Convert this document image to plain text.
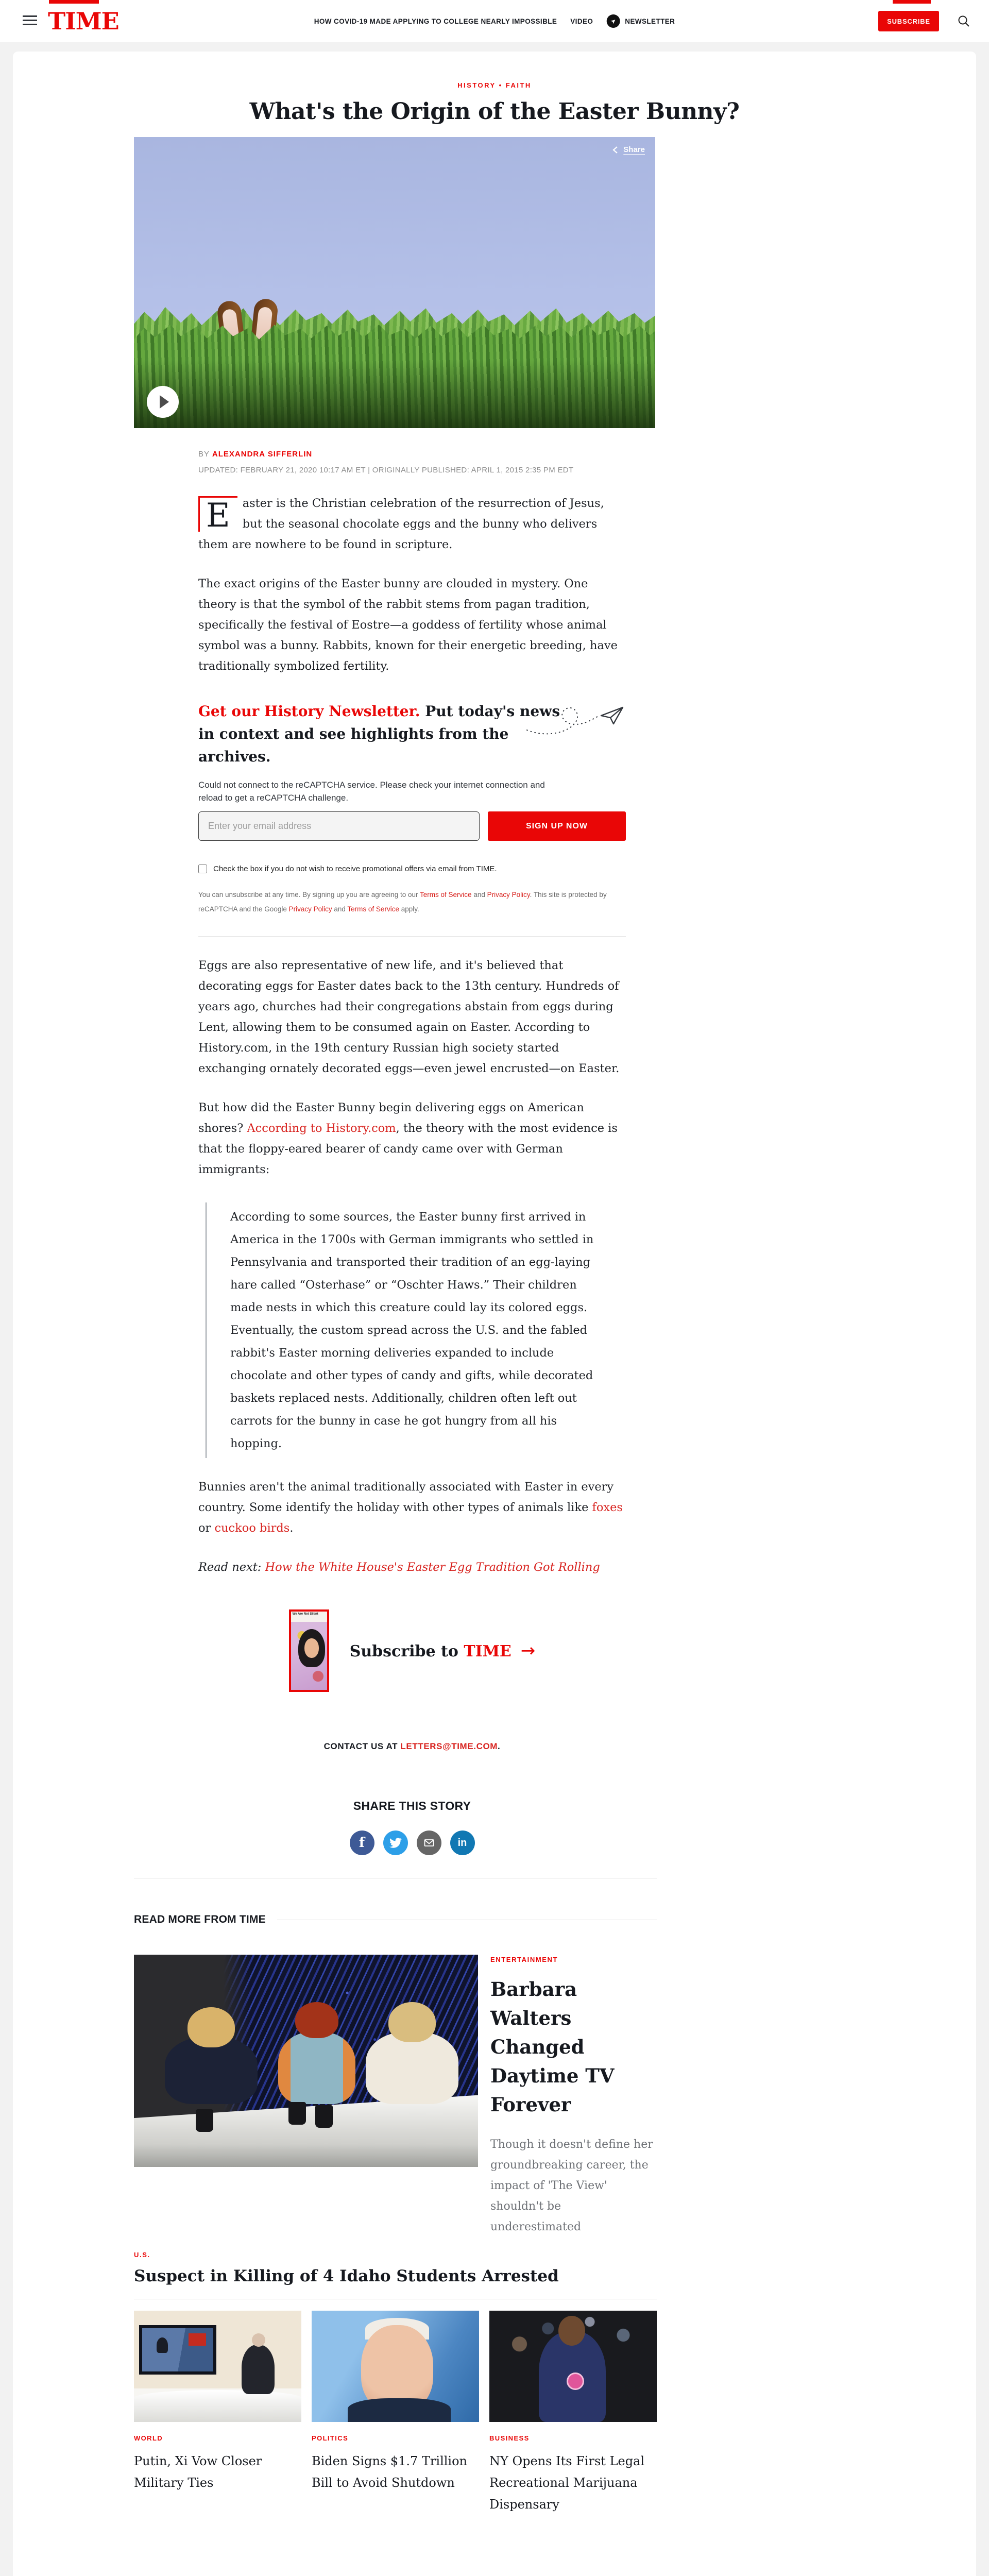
TIME	HOW COVID-19 MADE APPLYING TO COLLEGE NEARLY IMPOSSIBLE VIDEO	➤ NEWSLETTER	SUBSCRIBE
HISTORY • FAITH
What's the Origin of the Easter Bunny?
Share
BY ALEXANDRA SIFFERLIN
UPDATED: FEBRUARY 21, 2020 10:17 AM ET | ORIGINALLY PUBLISHED: APRIL 1, 2015 2:35 PM EDT

E	aster is the Christian celebration of the resurrection of Jesus, but the seasonal chocolate eggs and the bunny who delivers them are nowhere to be found in scripture.

The exact origins of the Easter bunny are clouded in mystery. One theory is that the symbol of the rabbit stems from pagan tradition, specifically the festival of Eostre—a goddess of fertility whose animal symbol was a bunny. Rabbits, known for their energetic breeding, have traditionally symbolized fertility.

Get our History Newsletter. Put today's news in context and see highlights from the archives.

Could not connect to the reCAPTCHA service. Please check your internet connection and reload to get a reCAPTCHA challenge.

Enter your email address
SIGN UP NOW
Check the box if you do not wish to receive promotional offers via email from TIME.

You can unsubscribe at any time. By signing up you are agreeing to our Terms of Service and Privacy Policy. This site is protected by reCAPTCHA and the Google Privacy Policy and Terms of Service apply.

Eggs are also representative of new life, and it's believed that decorating eggs for Easter dates back to the 13th century. Hundreds of years ago, churches had their congregations abstain from eggs during Lent, allowing them to be consumed again on Easter. According to History.com, in the 19th century Russian high society started exchanging ornately decorated eggs—even jewel encrusted—on Easter.

But how did the Easter Bunny begin delivering eggs on American shores? According to History.com, the theory with the most evidence is that the floppy-eared bearer of candy came over with German immigrants:

According to some sources, the Easter bunny first arrived in America in the 1700s with German immigrants who settled in Pennsylvania and transported their tradition of an egg-laying hare called “Osterhase” or “Oschter Haws.” Their children made nests in which this creature could lay its colored eggs. Eventually, the custom spread across the U.S. and the fabled rabbit's Easter morning deliveries expanded to include chocolate and other types of candy and gifts, while decorated baskets replaced nests. Additionally, children often left out carrots for the bunny in case he got hungry from all his hopping.

Bunnies aren't the animal traditionally associated with Easter in every country. Some identify the holiday with other types of animals like foxes or cuckoo birds.

Read next: How the White House's Easter Egg Tradition Got Rolling

We Are Not Silent
Subscribe to TIME →
CONTACT US AT LETTERS@TIME.COM.
SHARE THIS STORY
f	in
READ MORE FROM TIME
ENTERTAINMENT
Barbara Walters Changed Daytime TV Forever

Though it doesn't define her groundbreaking career, the impact of 'The View' shouldn't be underestimated

U.S.
Suspect in Killing of 4 Idaho Students Arrested
WORLD
Putin, Xi Vow Closer Military Ties
POLITICS
Biden Signs $1.7 Trillion Bill to Avoid Shutdown
BUSINESS
NY Opens Its First Legal Recreational Marijuana Dispensary
